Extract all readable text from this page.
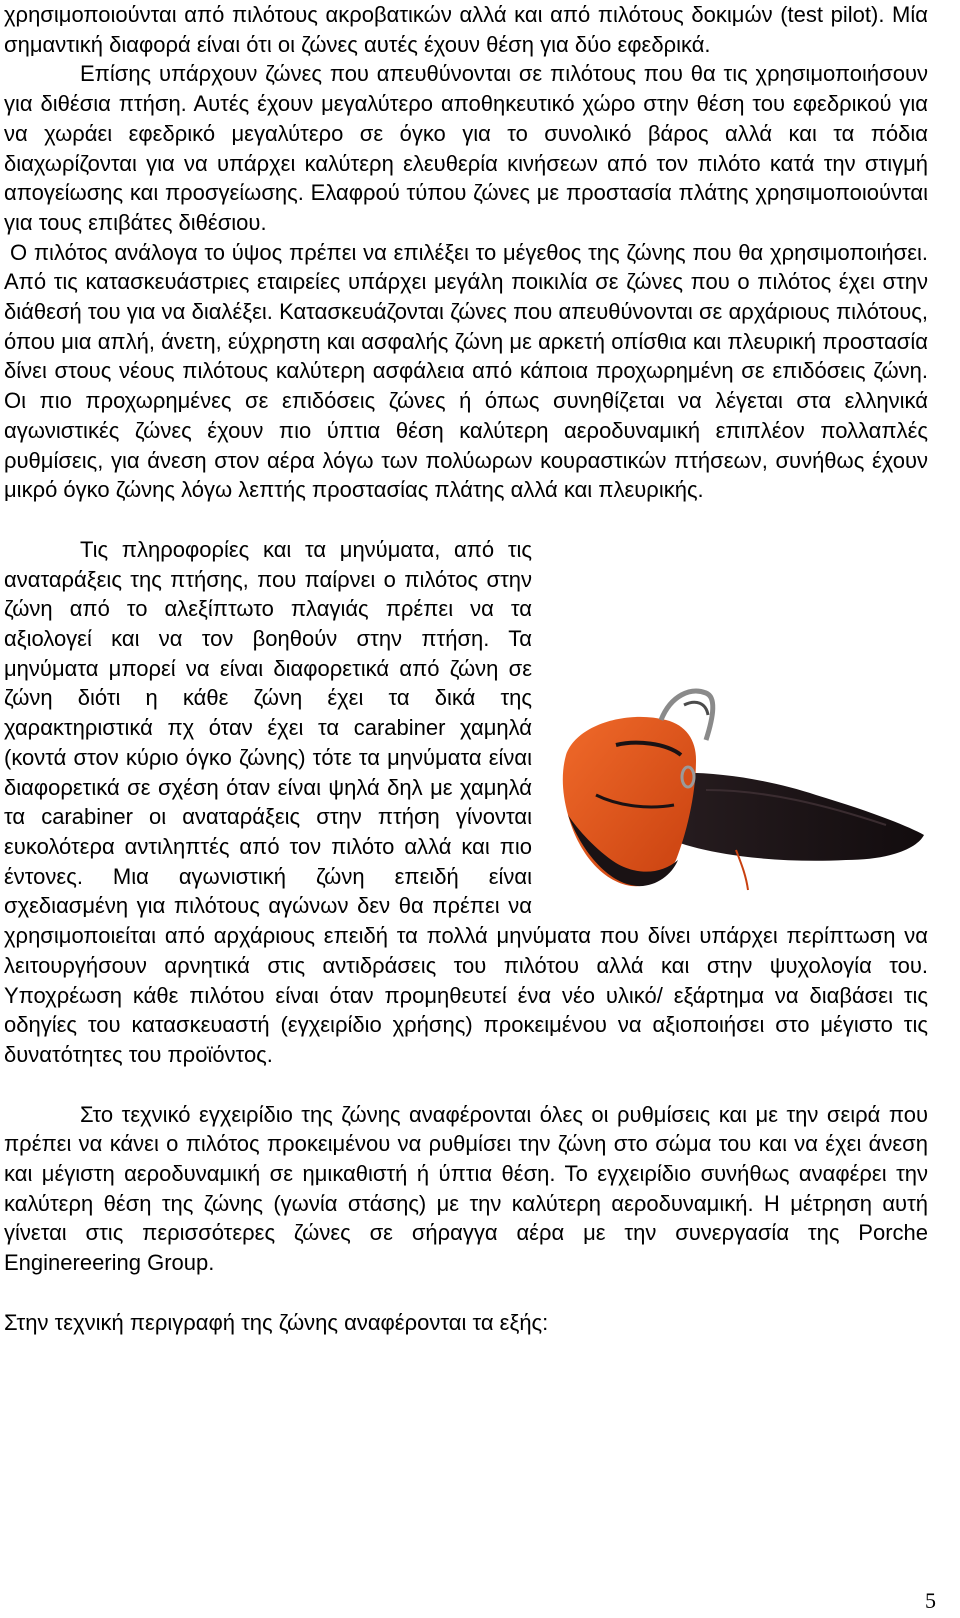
χρησιμοποιούνται από πιλότους ακροβατικών αλλά και από πιλότους δοκιμών (test pilot). Μία σημαντική διαφορά είναι ότι οι ζώνες αυτές έχουν θέση για δύο εφεδρικά.

Επίσης υπάρχουν ζώνες που απευθύνονται σε πιλότους που θα τις χρησιμοποιήσουν για διθέσια πτήση. Αυτές έχουν μεγαλύτερο αποθηκευτικό χώρο στην θέση του εφεδρικού για να χωράει εφεδρικό μεγαλύτερο σε όγκο για το συνολικό βάρος αλλά και τα πόδια διαχωρίζονται για να υπάρχει καλύτερη ελευθερία κινήσεων από τον πιλότο κατά την στιγμή απογείωσης και προσγείωσης. Ελαφρού τύπου ζώνες με προστασία πλάτης χρησιμοποιούνται για τους επιβάτες διθέσιου.

Ο πιλότος ανάλογα το ύψος πρέπει να επιλέξει το μέγεθος της ζώνης που θα χρησιμοποιήσει. Από τις κατασκευάστριες εταιρείες υπάρχει μεγάλη ποικιλία σε ζώνες που ο πιλότος έχει στην διάθεσή του για να διαλέξει. Κατασκευάζονται ζώνες που απευθύνονται σε αρχάριους πιλότους, όπου μια απλή, άνετη, εύχρηστη και ασφαλής ζώνη με αρκετή οπίσθια και πλευρική προστασία δίνει στους νέους πιλότους καλύτερη ασφάλεια από κάποια προχωρημένη σε επιδόσεις ζώνη. Οι πιο προχωρημένες σε επιδόσεις ζώνες ή όπως συνηθίζεται να λέγεται στα ελληνικά αγωνιστικές ζώνες έχουν πιο ύπτια θέση καλύτερη αεροδυναμική επιπλέον πολλαπλές ρυθμίσεις, για άνεση στον αέρα λόγω των πολύωρων κουραστικών πτήσεων, συνήθως έχουν μικρό όγκο ζώνης λόγω λεπτής προστασίας πλάτης αλλά και πλευρικής.

Τις πληροφορίες και τα μηνύματα, από τις αναταράξεις της πτήσης, που παίρνει ο πιλότος στην ζώνη από το αλεξίπτωτο πλαγιάς πρέπει να τα αξιολογεί και να τον βοηθούν στην πτήση. Τα μηνύματα μπορεί να είναι διαφορετικά από ζώνη σε ζώνη διότι η κάθε ζώνη έχει τα δικά της χαρακτηριστικά πχ όταν έχει τα carabiner χαμηλά (κοντά στον κύριο όγκο ζώνης) τότε τα μηνύματα είναι διαφορετικά σε σχέση όταν είναι ψηλά δηλ με χαμηλά τα carabiner οι αναταράξεις στην πτήση γίνονται ευκολότερα αντιληπτές από τον πιλότο αλλά και πιο έντονες. Μια αγωνιστική ζώνη επειδή είναι σχεδιασμένη για πιλότους αγώνων δεν θα πρέπει να χρησιμοποιείται από αρχάριους επειδή τα πολλά μηνύματα που δίνει υπάρχει περίπτωση να λειτουργήσουν αρνητικά στις αντιδράσεις του πιλότου αλλά και στην ψυχολογία του. Υποχρέωση κάθε πιλότου είναι όταν προμηθευτεί ένα νέο υλικό/ εξάρτημα να διαβάσει τις οδηγίες του κατασκευαστή (εγχειρίδιο χρήσης) προκειμένου να αξιοποιήσει στο μέγιστο τις δυνατότητες του προϊόντος.

Στο τεχνικό εγχειρίδιο της ζώνης αναφέρονται όλες οι ρυθμίσεις και με την σειρά που πρέπει να κάνει ο πιλότος προκειμένου να ρυθμίσει την ζώνη στο σώμα του και να έχει άνεση και μέγιστη αεροδυναμική σε ημικαθιστή ή ύπτια θέση. Το εγχειρίδιο συνήθως αναφέρει την καλύτερη θέση της ζώνης (γωνία στάσης) με την καλύτερη αεροδυναμική. Η μέτρηση αυτή γίνεται στις περισσότερες ζώνες σε σήραγγα αέρα με την συνεργασία της Porche Enginereering Group.

Στην τεχνική περιγραφή της ζώνης αναφέρονται τα εξής:

5
